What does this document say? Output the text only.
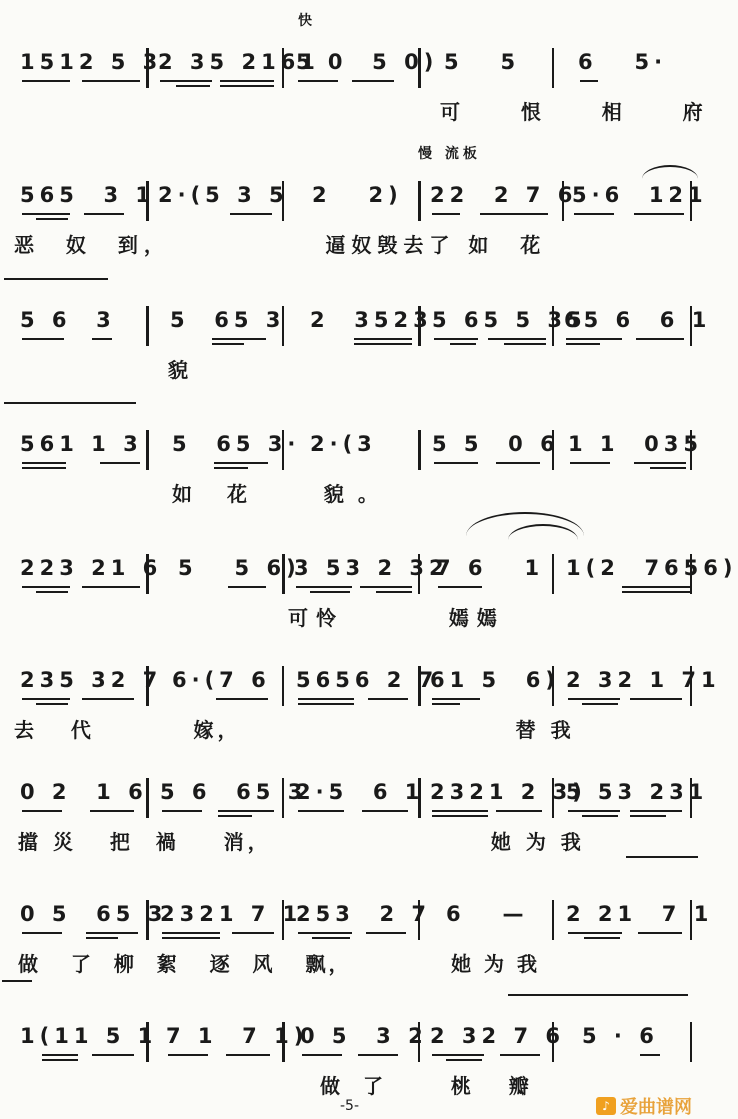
快
1512 5 3
2 35 2161
5 0  5 0) 5   5	6   5·
可   恨   相   府
慢 流板
565  3 1 2·(5 3 5 2   2) 22  2 7 6
5·6  121
恶  奴  到，            逼奴毁去了 如  花
5 6  3	5  65 3 2  3523 5 65 5 35
65 6  6 1
貌
561 1 3 5  65 3· 2·(3	5 5  0 6 1 1  035
如 花   貌。
223 21 6 5   5 6)
3 53 2 32
7 6   1 1(2  7656)
可怜       嫣嫣
235 32 7 6·(7 6 5656 2 7
61 5  6) 2 32 1 71
去   代         嫁，                         替 我
0 2  1 6 5 6  65 3
2·5  6 1 2321 2 3)
5 53 231
擋 災   把  禍    消，                    她 为 我
0 5  65 3
2321 7 1
253  2 7 6   — 2 21  7 1
做   了  柳  絮   逐  风   飘，          她 为 我
1(11 5 1 7 1  7 1)
0 5  3 2 2 32 7 6 5 · 6
做 了    桃  瓣
-5-	♪ 爱曲谱网
